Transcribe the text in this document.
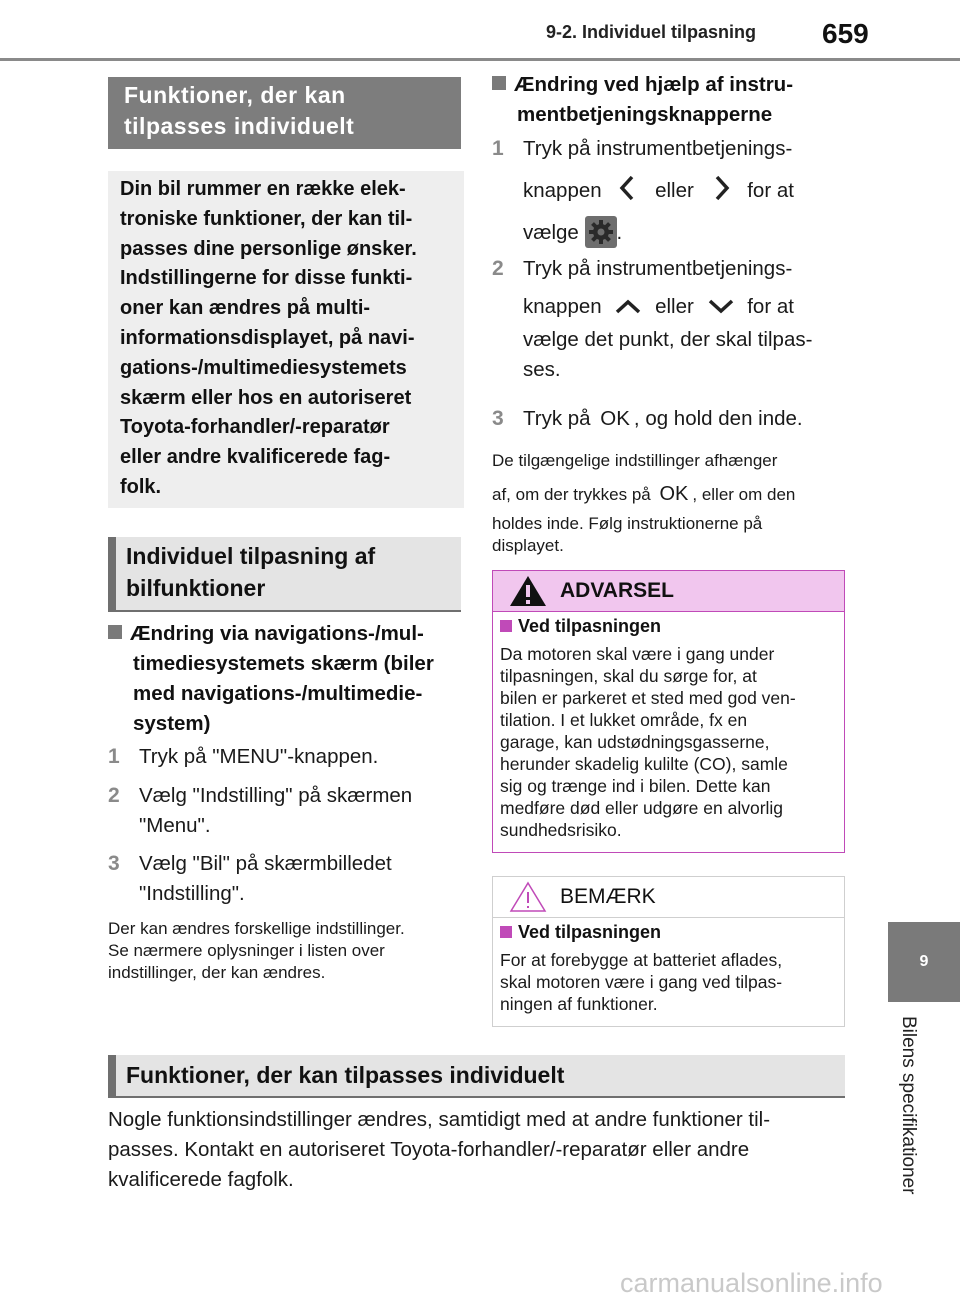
9-2. Individuel tilpasning 659
9
Bilens specifikationer
Funktioner, der kan
tilpasses individuelt
Din bil rummer en række elek-
troniske funktioner, der kan til-
passes dine personlige ønsker.
Indstillingerne for disse funkti-
oner kan ændres på multi-
informationsdisplayet, på navi-
gations-/multimediesystemets
skærm eller hos en autoriseret
Toyota-forhandler/-reparatør
eller andre kvalificerede fag-
folk.
Individuel tilpasning af
bilfunktioner
Ændring via navigations-/mul-
timediesystemets skærm (biler
med navigations-/multimedie-
system)
1 Tryk på "MENU"-knappen.
2 Vælg "Indstilling" på skærmen
"Menu".
3 Vælg "Bil" på skærmbilledet
"Indstilling".
Der kan ændres forskellige indstillinger.
Se nærmere oplysninger i listen over
indstillinger, der kan ændres.
Ændring ved hjælp af instru-
mentbetjeningsknapperne
1 Tryk på instrumentbetjenings-
knappen	eller	for at
vælge .
2 Tryk på instrumentbetjenings-
knappen	eller	for at
vælge det punkt, der skal tilpas-
ses.
3 Tryk på OK , og hold den inde.
De tilgængelige indstillinger afhænger
af, om der trykkes på OK , eller om den
holdes inde. Følg instruktionerne på
displayet.
ADVARSEL
Ved tilpasningen
Da motoren skal være i gang under
tilpasningen, skal du sørge for, at
bilen er parkeret et sted med god ven-
tilation. I et lukket område, fx en
garage, kan udstødningsgasserne,
herunder skadelig kulilte (CO), samle
sig og trænge ind i bilen. Dette kan
medføre død eller udgøre en alvorlig
sundhedsrisiko.
BEMÆRK
Ved tilpasningen
For at forebygge at batteriet aflades,
skal motoren være i gang ved tilpas-
ningen af funktioner.
Funktioner, der kan tilpasses individuelt
Nogle funktionsindstillinger ændres, samtidigt med at andre funktioner til-
passes. Kontakt en autoriseret Toyota-forhandler/-reparatør eller andre
kvalificerede fagfolk.
carmanualsonline.info
